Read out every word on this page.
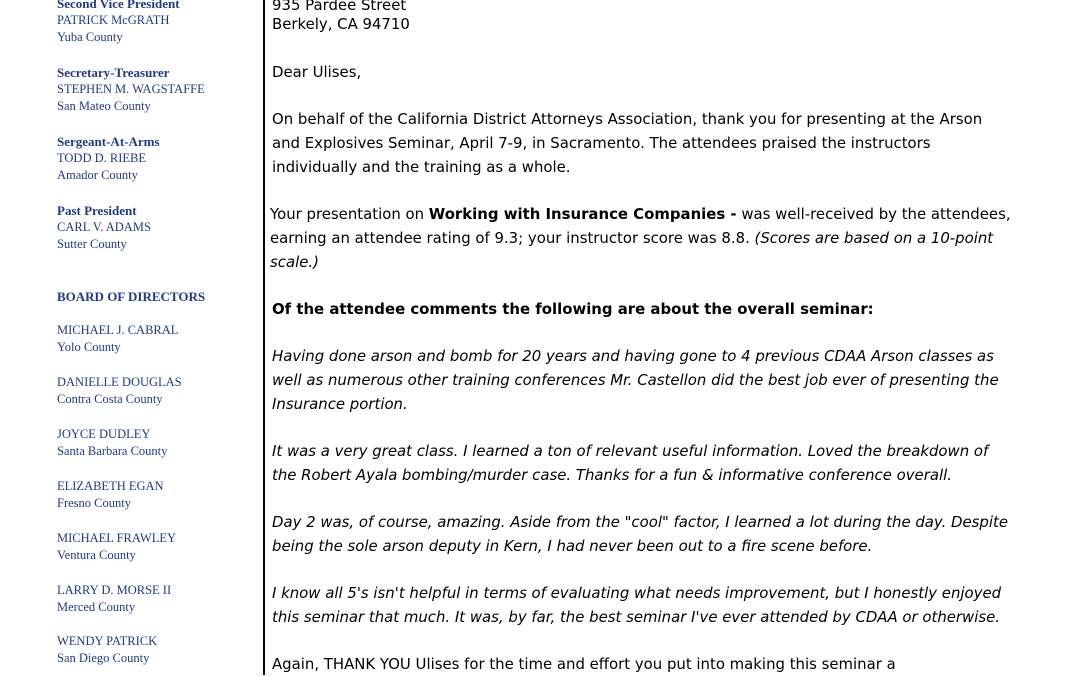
Second Vice President
PATRICK McGRATH
Yuba County
Secretary-Treasurer
STEPHEN M. WAGSTAFFE
San Mateo County
Sergeant-At-Arms
TODD D. RIEBE
Amador County
Past President
CARL V. ADAMS
Sutter County
BOARD OF DIRECTORS
MICHAEL J. CABRAL
Yolo County
DANIELLE DOUGLAS
Contra Costa County
JOYCE DUDLEY
Santa Barbara County
ELIZABETH EGAN
Fresno County
MICHAEL FRAWLEY
Ventura County
LARRY D. MORSE II
Merced County
WENDY PATRICK
San Diego County
935 Pardee Street
Berkely, CA 94710
Dear Ulises,
On behalf of the California District Attorneys Association, thank you for presenting at the Arson
and Explosives Seminar, April 7-9, in Sacramento. The attendees praised the instructors
individually and the training as a whole.
Your presentation on Working with Insurance Companies - was well-received by the attendees,
earning an attendee rating of 9.3; your instructor score was 8.8. (Scores are based on a 10-point
scale.)
Of the attendee comments the following are about the overall seminar:
Having done arson and bomb for 20 years and having gone to 4 previous CDAA Arson classes as
well as numerous other training conferences Mr. Castellon did the best job ever of presenting the
Insurance portion.
It was a very great class. I learned a ton of relevant useful information. Loved the breakdown of
the Robert Ayala bombing/murder case. Thanks for a fun & informative conference overall.
Day 2 was, of course, amazing. Aside from the "cool" factor, I learned a lot during the day. Despite
being the sole arson deputy in Kern, I had never been out to a fire scene before.
I know all 5's isn't helpful in terms of evaluating what needs improvement, but I honestly enjoyed
this seminar that much. It was, by far, the best seminar I've ever attended by CDAA or otherwise.
Again, THANK YOU Ulises for the time and effort you put into making this seminar a
